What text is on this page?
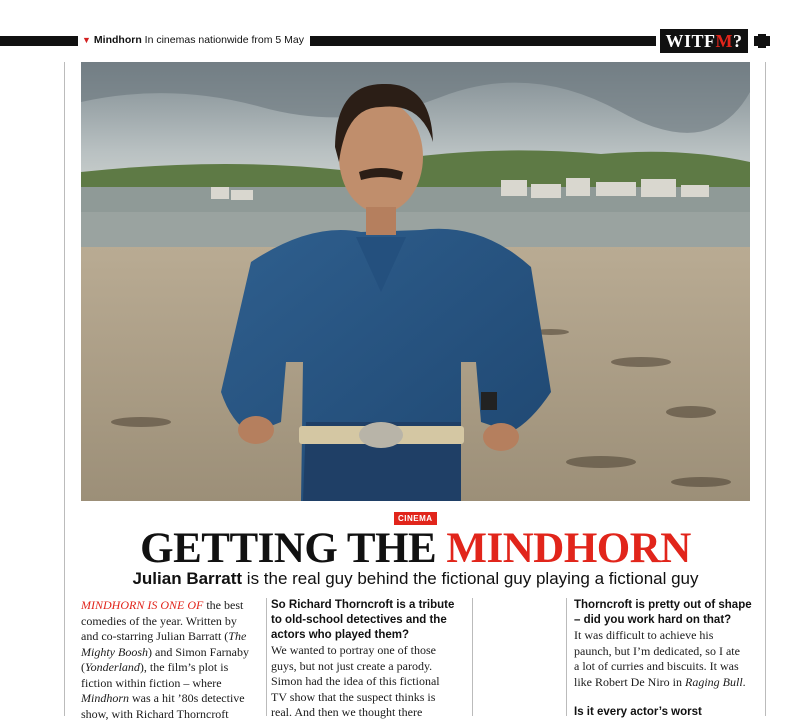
▼ Mindhorn In cinemas nationwide from 5 May	WITFM?
CINEMA
GETTING THE MINDHORN
Julian Barratt is the real guy behind the fictional guy playing a fictional guy
MINDHORN IS ONE OF the best
comedies of the year. Written by
and co-starring Julian Barratt (The
Mighty Boosh) and Simon Farnaby
(Yonderland), the film’s plot is
fiction within fiction – where
Mindhorn was a hit ’80s detective
show, with Richard Thorncroft
So Richard Thorncroft is a tribute
to old-school detectives and the
actors who played them?
We wanted to portray one of those
guys, but not just create a parody.
Simon had the idea of this fictional
TV show that the suspect thinks is
real. And then we thought there
Thorncroft is pretty out of shape
– did you work hard on that?
It was difficult to achieve his
paunch, but I’m dedicated, so I ate
a lot of curries and biscuits. It was
like Robert De Niro in Raging Bull.
Is it every actor’s worst
